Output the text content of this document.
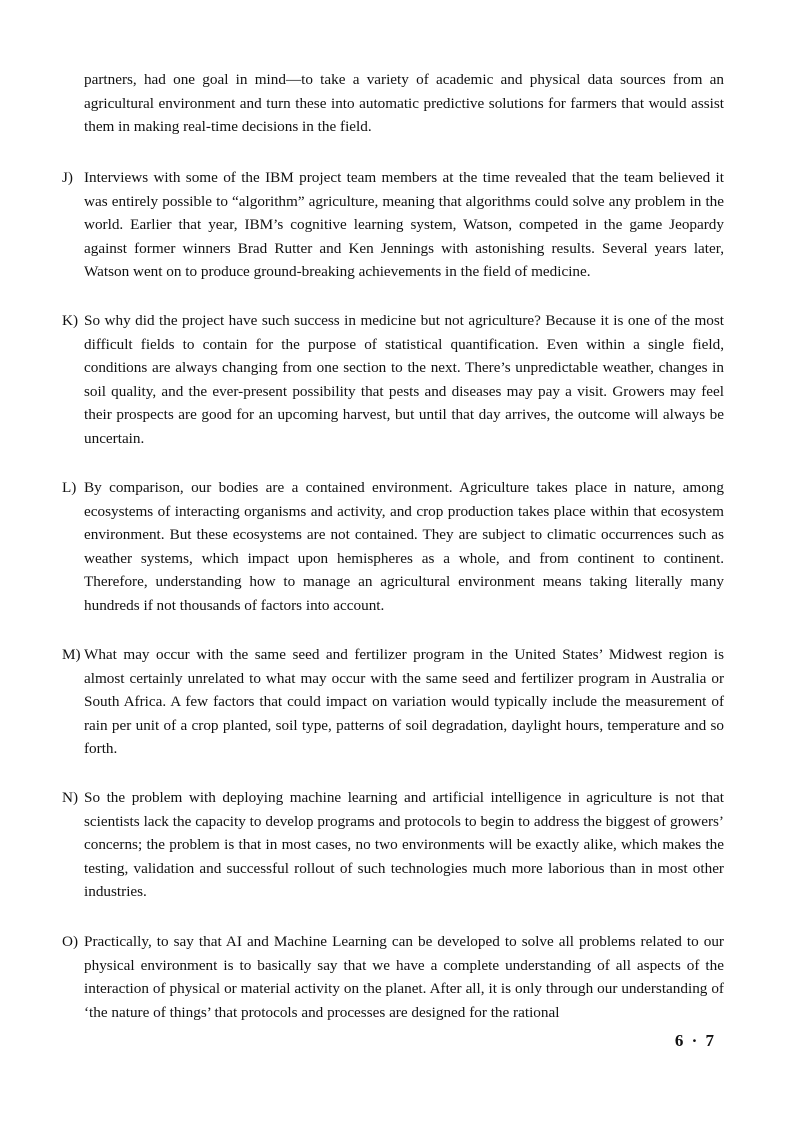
partners, had one goal in mind—to take a variety of academic and physical data sources from an agricultural environment and turn these into automatic predictive solutions for farmers that would assist them in making real-time decisions in the field.
J) Interviews with some of the IBM project team members at the time revealed that the team believed it was entirely possible to “algorithm” agriculture, meaning that algorithms could solve any problem in the world. Earlier that year, IBM’s cognitive learning system, Watson, competed in the game Jeopardy against former winners Brad Rutter and Ken Jennings with astonishing results. Several years later, Watson went on to produce ground-breaking achievements in the field of medicine.
K) So why did the project have such success in medicine but not agriculture? Because it is one of the most difficult fields to contain for the purpose of statistical quantification. Even within a single field, conditions are always changing from one section to the next. There’s unpredictable weather, changes in soil quality, and the ever-present possibility that pests and diseases may pay a visit. Growers may feel their prospects are good for an upcoming harvest, but until that day arrives, the outcome will always be uncertain.
L) By comparison, our bodies are a contained environment. Agriculture takes place in nature, among ecosystems of interacting organisms and activity, and crop production takes place within that ecosystem environment. But these ecosystems are not contained. They are subject to climatic occurrences such as weather systems, which impact upon hemispheres as a whole, and from continent to continent. Therefore, understanding how to manage an agricultural environment means taking literally many hundreds if not thousands of factors into account.
M) What may occur with the same seed and fertilizer program in the United States’ Midwest region is almost certainly unrelated to what may occur with the same seed and fertilizer program in Australia or South Africa. A few factors that could impact on variation would typically include the measurement of rain per unit of a crop planted, soil type, patterns of soil degradation, daylight hours, temperature and so forth.
N) So the problem with deploying machine learning and artificial intelligence in agriculture is not that scientists lack the capacity to develop programs and protocols to begin to address the biggest of growers’ concerns; the problem is that in most cases, no two environments will be exactly alike, which makes the testing, validation and successful rollout of such technologies much more laborious than in most other industries.
O) Practically, to say that AI and Machine Learning can be developed to solve all problems related to our physical environment is to basically say that we have a complete understanding of all aspects of the interaction of physical or material activity on the planet. After all, it is only through our understanding of ‘the nature of things’ that protocols and processes are designed for the rational
6 · 7
